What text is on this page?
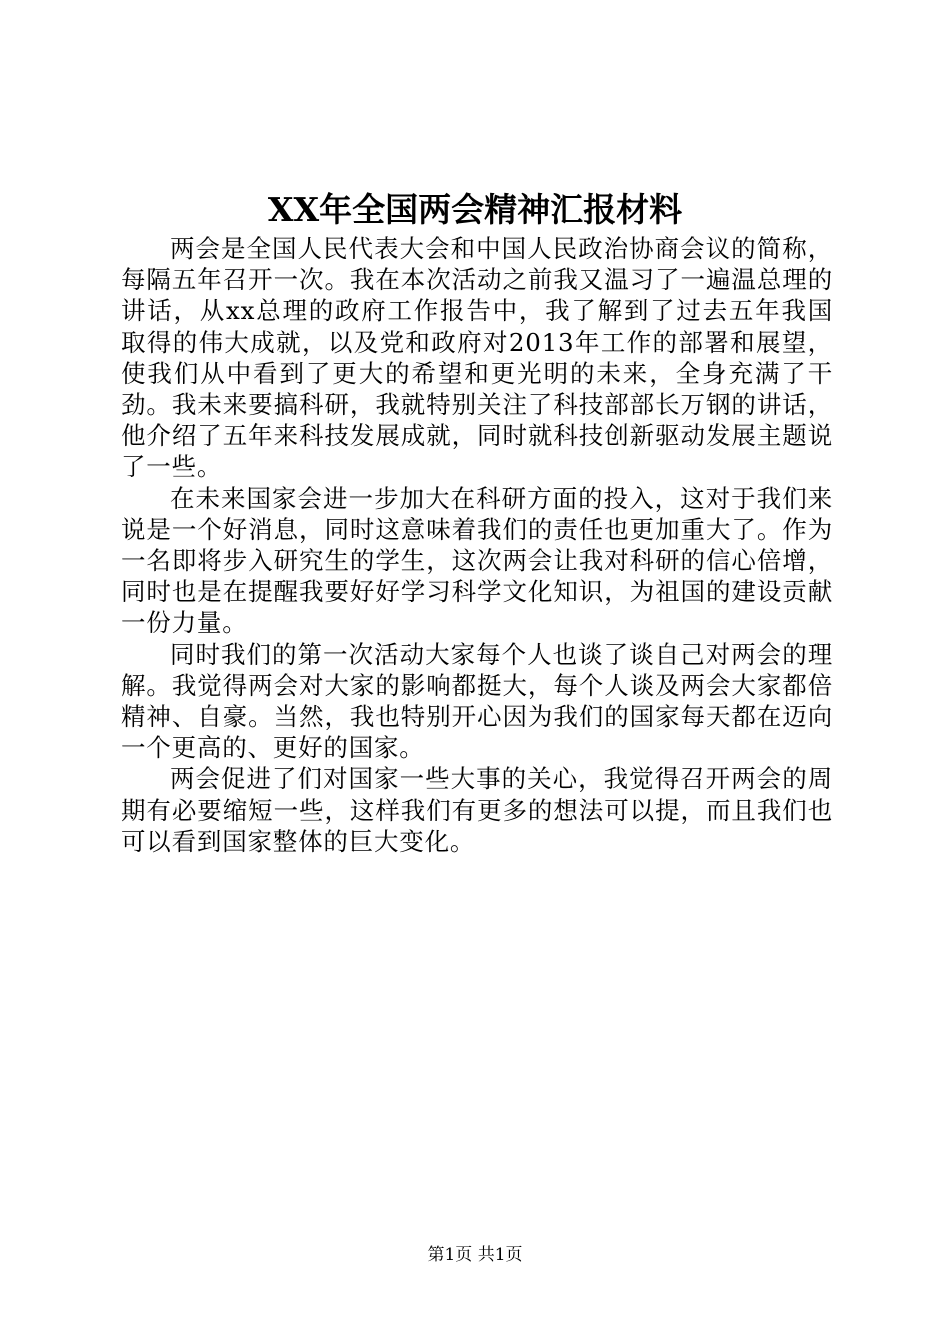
XX年全国两会精神汇报材料

两会是全国人民代表大会和中国人民政治协商会议的简称，每隔五年召开一次。我在本次活动之前我又温习了一遍温总理的讲话，从xx总理的政府工作报告中，我了解到了过去五年我国取得的伟大成就，以及党和政府对2013年工作的部署和展望，使我们从中看到了更大的希望和更光明的未来，全身充满了干劲。我未来要搞科研，我就特别关注了科技部部长万钢的讲话，他介绍了五年来科技发展成就，同时就科技创新驱动发展主题说了一些。

在未来国家会进一步加大在科研方面的投入，这对于我们来说是一个好消息，同时这意味着我们的责任也更加重大了。作为一名即将步入研究生的学生，这次两会让我对科研的信心倍增，同时也是在提醒我要好好学习科学文化知识，为祖国的建设贡献一份力量。

同时我们的第一次活动大家每个人也谈了谈自己对两会的理解。我觉得两会对大家的影响都挺大，每个人谈及两会大家都倍精神、自豪。当然，我也特别开心因为我们的国家每天都在迈向一个更高的、更好的国家。

两会促进了们对国家一些大事的关心，我觉得召开两会的周期有必要缩短一些，这样我们有更多的想法可以提，而且我们也可以看到国家整体的巨大变化。

第1页 共1页
